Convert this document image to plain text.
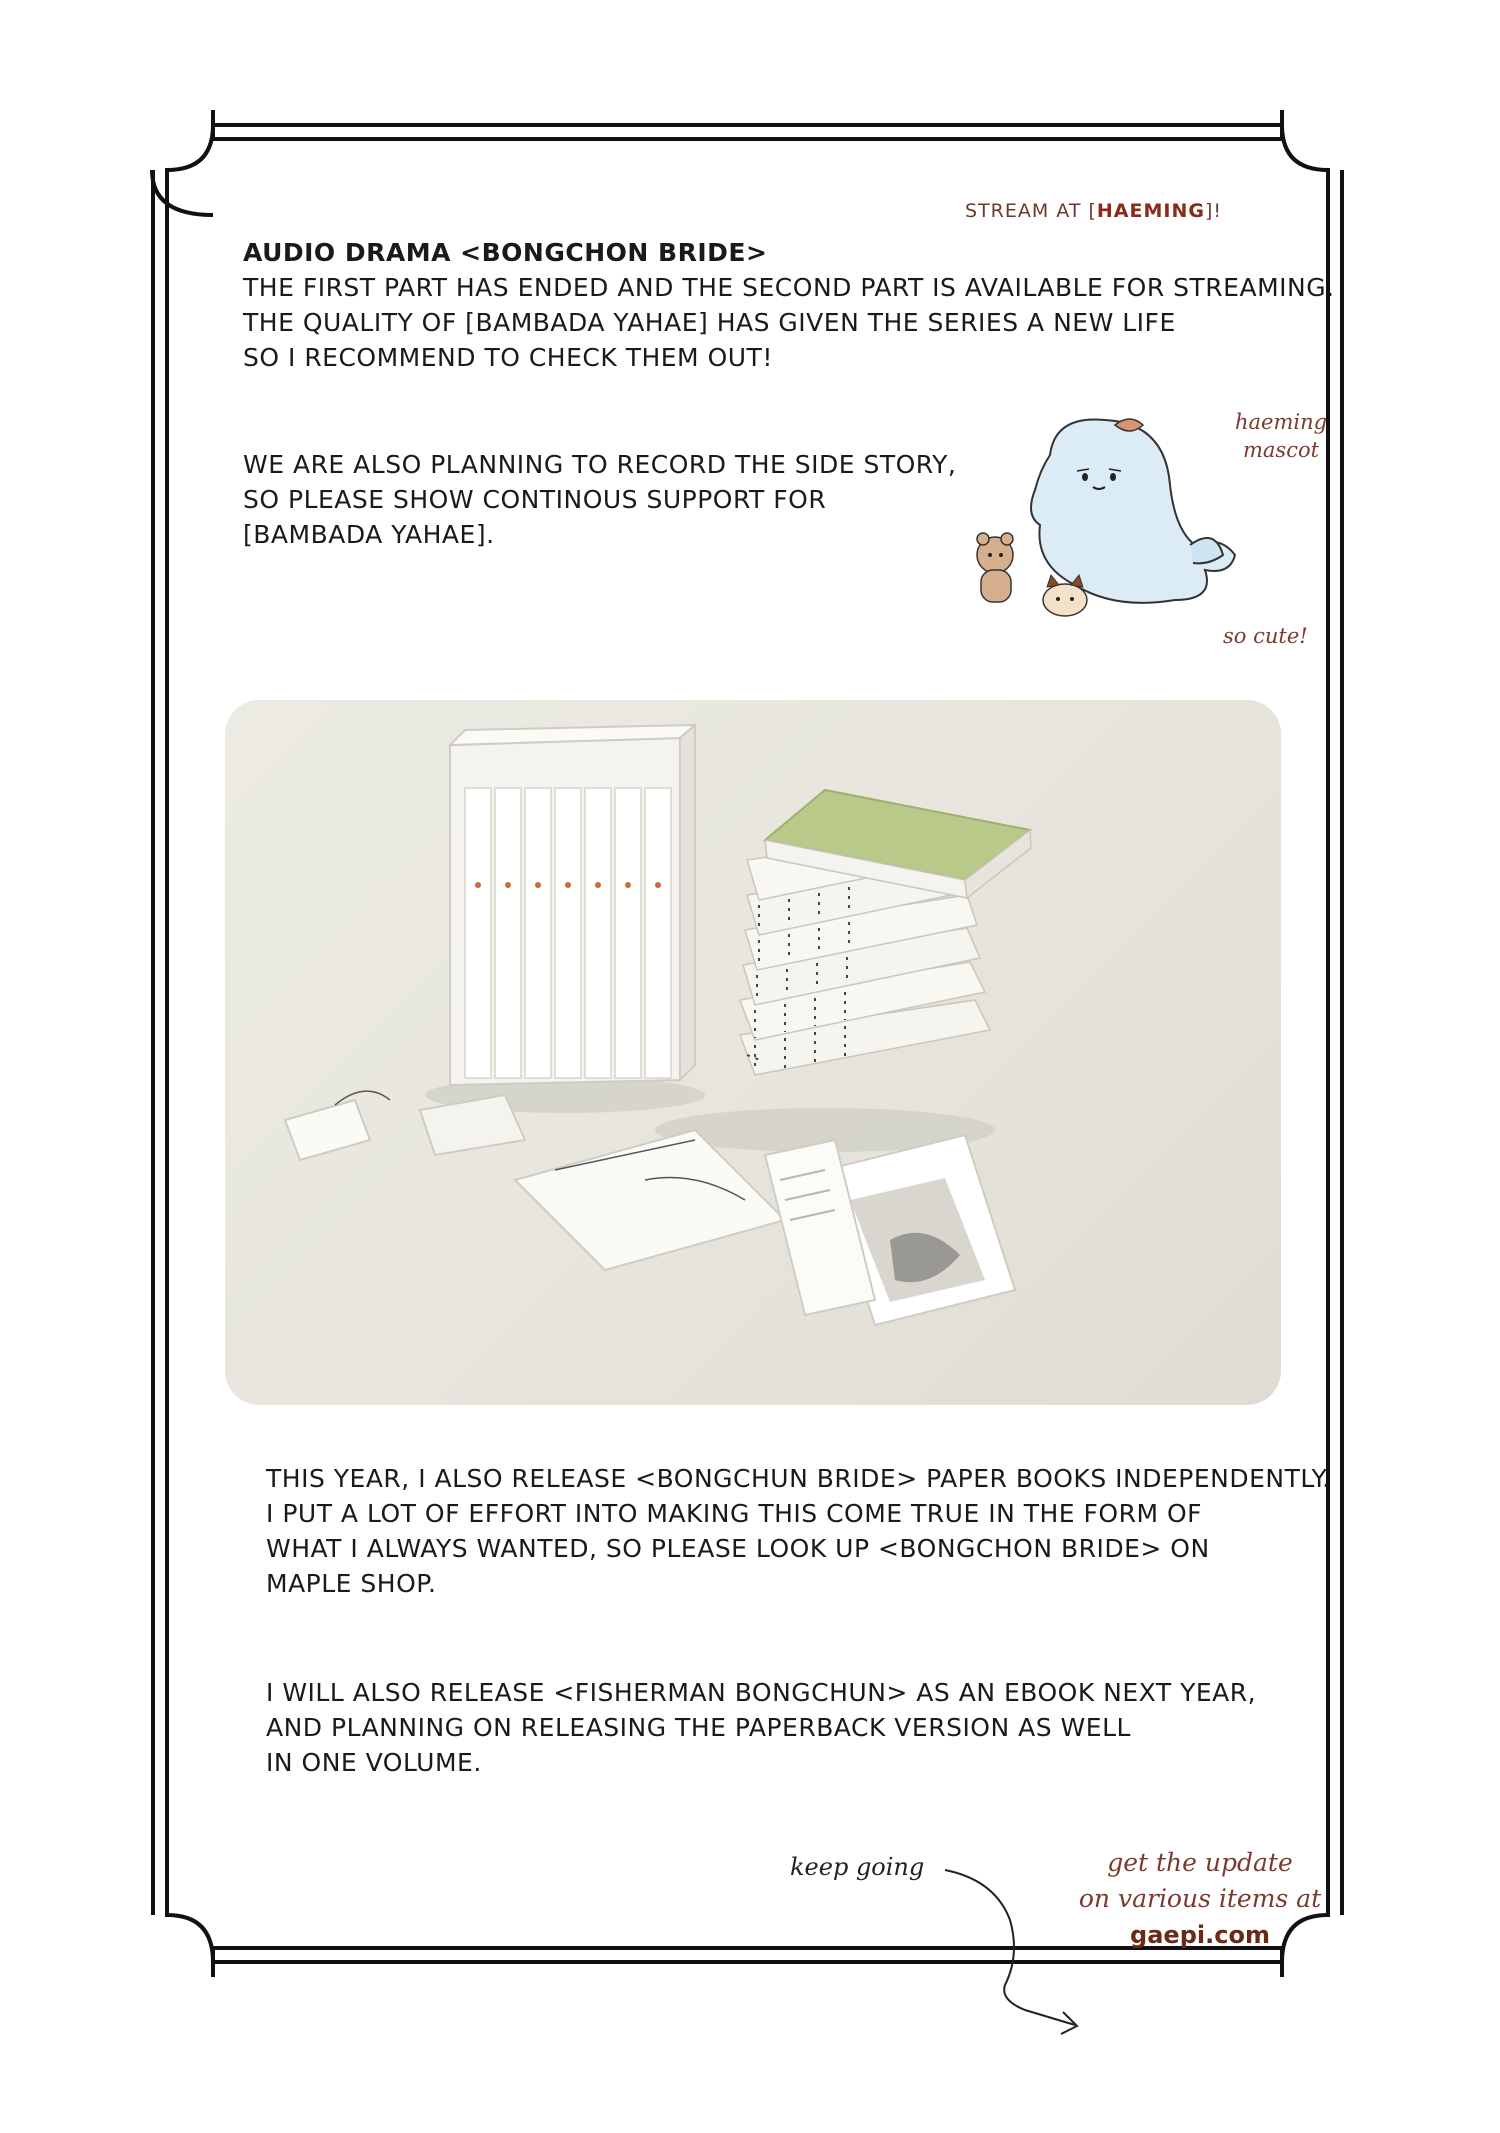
STREAM AT [HAEMING]!
AUDIO DRAMA <BONGCHON BRIDE>
THE FIRST PART HAS ENDED AND THE SECOND PART IS AVAILABLE FOR STREAMING.
THE QUALITY OF [BAMBADA YAHAE] HAS GIVEN THE SERIES A NEW LIFE
SO I RECOMMEND TO CHECK THEM OUT!
WE ARE ALSO PLANNING TO RECORD THE SIDE STORY,
SO PLEASE SHOW CONTINOUS SUPPORT FOR
[BAMBADA YAHAE].
haeming
mascot
so cute!
THIS YEAR, I ALSO RELEASE <BONGCHUN BRIDE> PAPER BOOKS INDEPENDENTLY.
I PUT A LOT OF EFFORT INTO MAKING THIS COME TRUE IN THE FORM OF
WHAT I ALWAYS WANTED, SO PLEASE LOOK UP <BONGCHON BRIDE> ON
MAPLE SHOP.
I WILL ALSO RELEASE <FISHERMAN BONGCHUN> AS AN EBOOK NEXT YEAR,
AND PLANNING ON RELEASING THE PAPERBACK VERSION AS WELL
IN ONE VOLUME.
keep going	get the update
on various items at
gaepi.com
